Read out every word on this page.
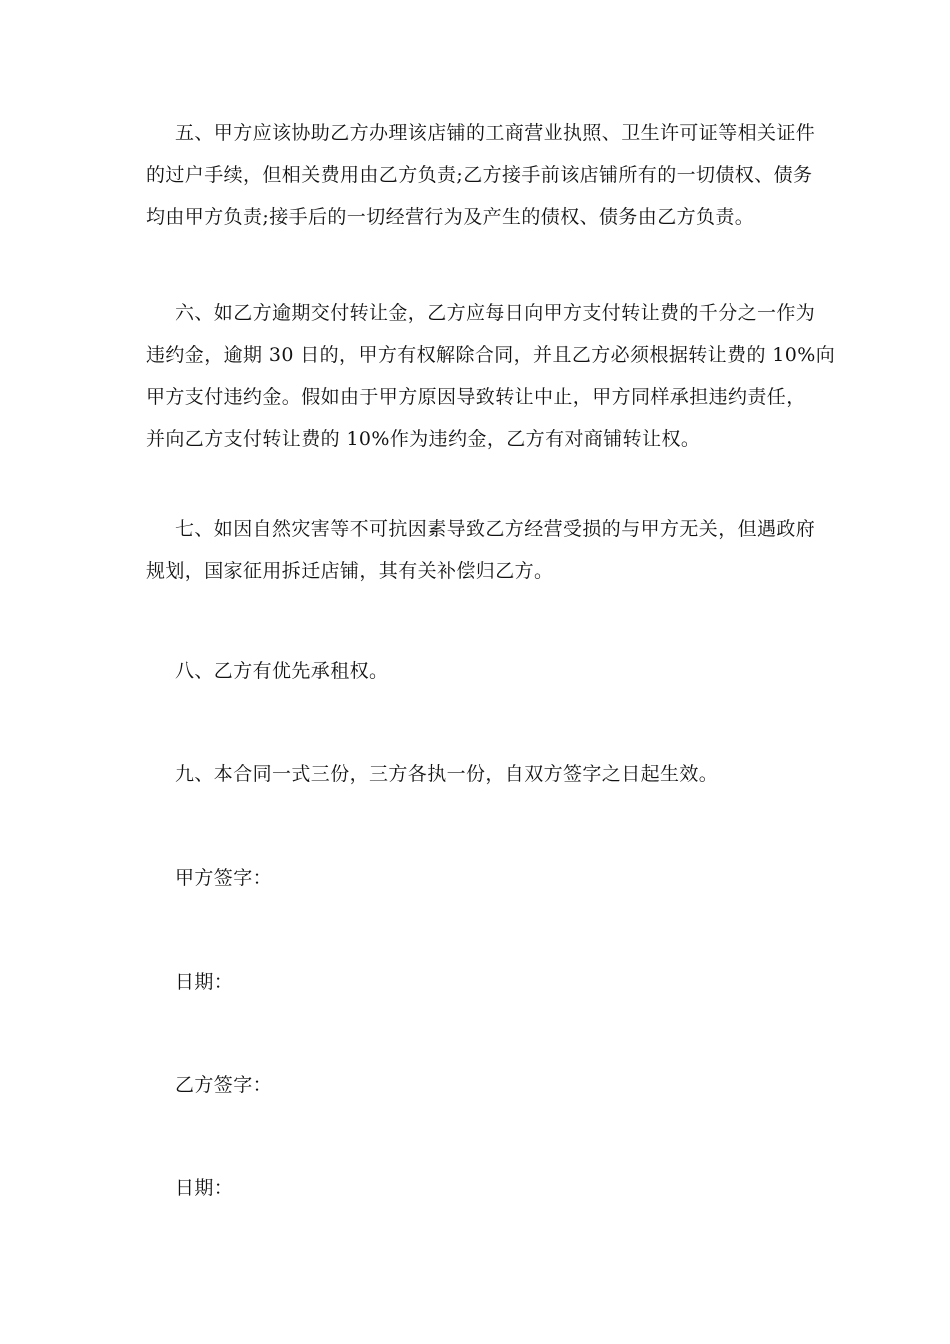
五、甲方应该协助乙方办理该店铺的工商营业执照、卫生许可证等相关证件
的过户手续，但相关费用由乙方负责;乙方接手前该店铺所有的一切债权、债务
均由甲方负责;接手后的一切经营行为及产生的债权、债务由乙方负责。

六、如乙方逾期交付转让金，乙方应每日向甲方支付转让费的千分之一作为
违约金，逾期 30 日的，甲方有权解除合同，并且乙方必须根据转让费的 10%向
甲方支付违约金。假如由于甲方原因导致转让中止，甲方同样承担违约责任，
并向乙方支付转让费的 10%作为违约金，乙方有对商铺转让权。

七、如因自然灾害等不可抗因素导致乙方经营受损的与甲方无关，但遇政府
规划，国家征用拆迁店铺，其有关补偿归乙方。

八、乙方有优先承租权。

九、本合同一式三份，三方各执一份，自双方签字之日起生效。

甲方签字：

日期：

乙方签字：

日期：
